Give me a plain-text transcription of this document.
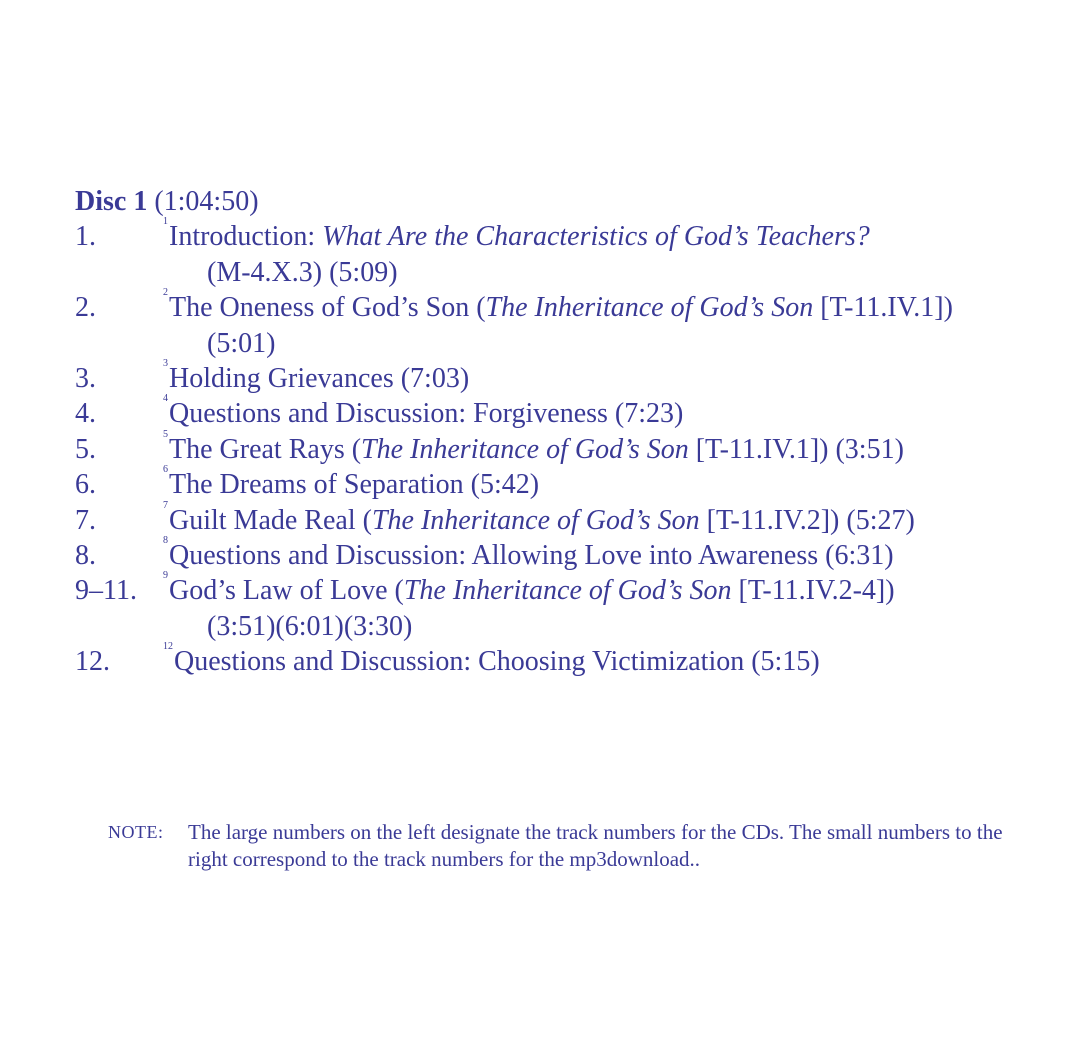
Disc 1 (1:04:50)
1.	$^1$Introduction: What Are the Characteristics of God’s Teachers?
(M-4.X.3) (5:09)
2.	$^2$The Oneness of God’s Son (The Inheritance of God’s Son [T-11.IV.1])
(5:01)
3.	$^3$Holding Grievances (7:03)
4.	$^4$Questions and Discussion: Forgiveness (7:23)
5.	$^5$The Great Rays (The Inheritance of God’s Son [T-11.IV.1]) (3:51)
6.	$^6$The Dreams of Separation (5:42)
7.	$^7$Guilt Made Real (The Inheritance of God’s Son [T-11.IV.2]) (5:27)
8.	$^8$Questions and Discussion: Allowing Love into Awareness (6:31)
9–11.	$^9$God’s Law of Love (The Inheritance of God’s Son [T-11.IV.2-4])
(3:51)(6:01)(3:30)
12.	$^{12}$Questions and Discussion: Choosing Victimization (5:15)
NOTE:	The large numbers on the left designate the track numbers for the CDs. The small numbers to the right correspond to the track numbers for the mp3download..
